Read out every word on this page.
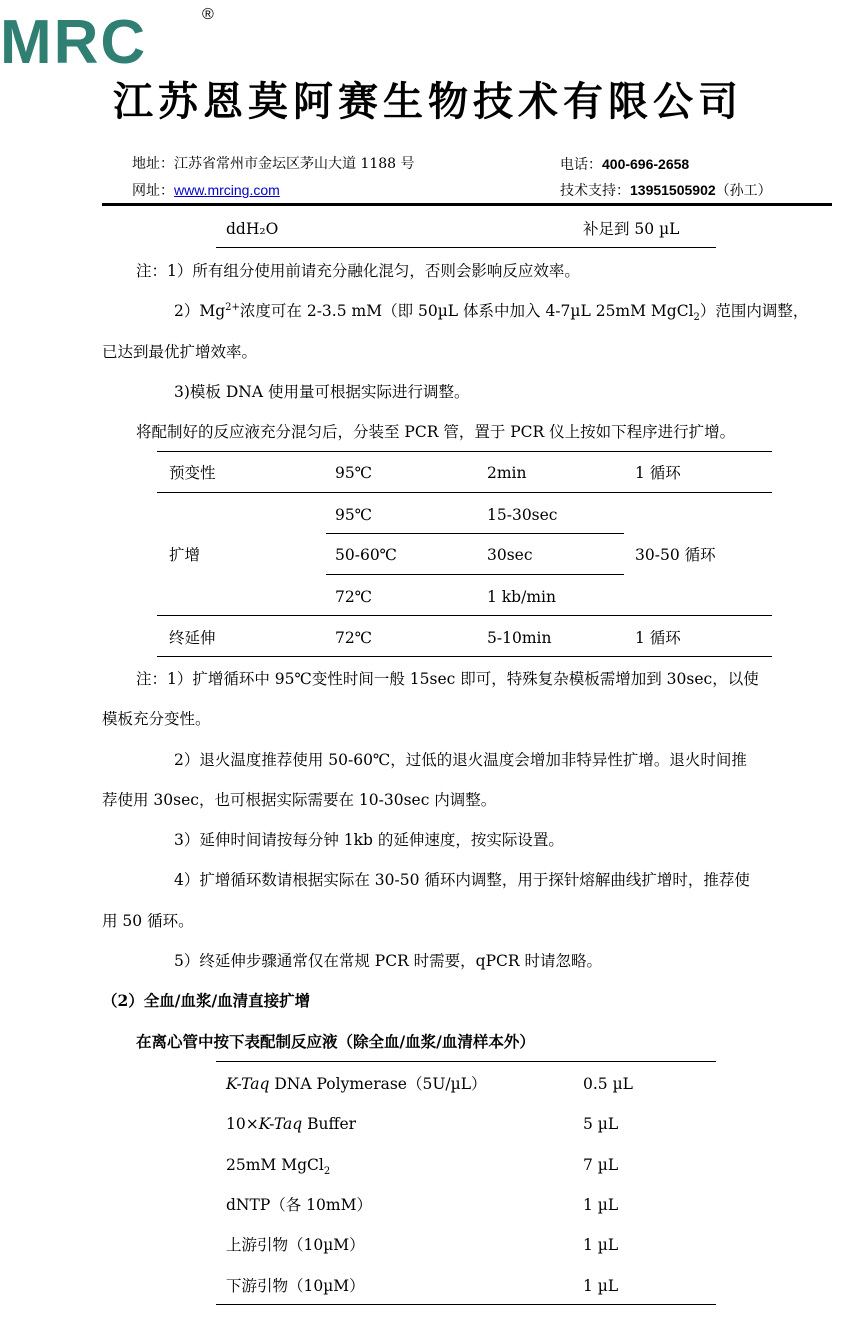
MRC	®
江苏恩莫阿赛生物技术有限公司
地址：江苏省常州市金坛区茅山大道 1188 号	电话：400-696-2658
网址：www.mrcing.com	技术支持：13951505902（孙工）
ddH₂O	补足到 50 µL
注：1）所有组分使用前请充分融化混匀，否则会影响反应效率。
$2)Mg^{2+}$浓度可在 2-3.5 mM（即 50µL 体系中加入 4-7µL 25mM MgCl$_2$）范围内调整，
已达到最优扩增效率。
3)模板 DNA 使用量可根据实际进行调整。
将配制好的反应液充分混匀后，分装至 PCR 管，置于 PCR 仪上按如下程序进行扩增。
预变性	95℃	2min	1 循环
95℃	15-30sec
扩增	50-60℃	30sec	30-50 循环
72℃	1 kb/min
终延伸	72℃	5-10min	1 循环
注：1）扩增循环中 95℃变性时间一般 15sec 即可，特殊复杂模板需增加到 30sec，以使
模板充分变性。
2）退火温度推荐使用 50-60℃，过低的退火温度会增加非特异性扩增。退火时间推
荐使用 30sec，也可根据实际需要在 10-30sec 内调整。
3）延伸时间请按每分钟 1kb 的延伸速度，按实际设置。
4）扩增循环数请根据实际在 30-50 循环内调整，用于探针熔解曲线扩增时，推荐使
用 50 循环。
5）终延伸步骤通常仅在常规 PCR 时需要，qPCR 时请忽略。
（2）全血/血浆/血清直接扩增
在离心管中按下表配制反应液（除全血/血浆/血清样本外）
K-Taq DNA Polymerase（5U/µL）	0.5 µL
10×K-Taq Buffer	5 µL
25mM MgCl$_2$	7 µL
dNTP（各 10mM）	1 µL
上游引物（10µM）	1 µL
下游引物（10µM）	1 µL
